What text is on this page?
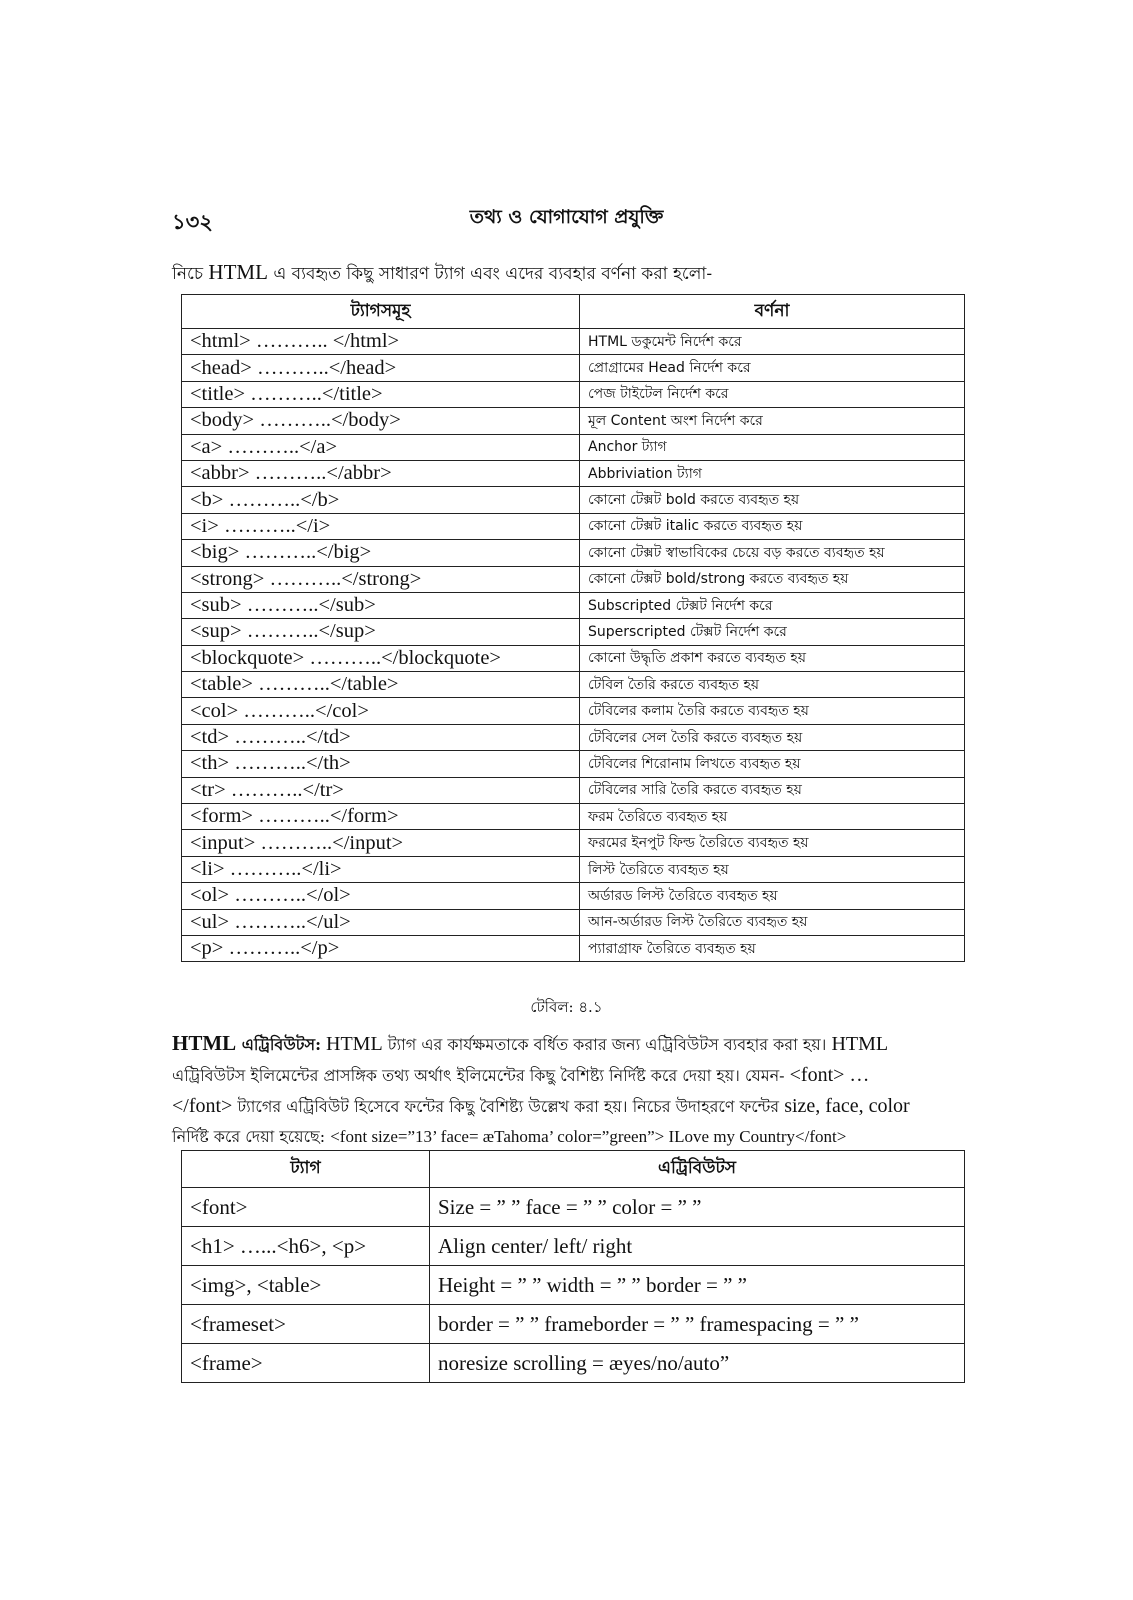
১৩২	তথ্য ও যোগাযোগ প্রযুক্তি
নিচে HTML এ ব্যবহৃত কিছু সাধারণ ট্যাগ এবং এদের ব্যবহার বর্ণনা করা হলো-
ট্যাগসমূহ	বর্ণনা
<html> ……….. </html>	HTML ডকুমেন্ট নির্দেশ করে
<head> ………..</head>	প্রোগ্রামের Head নির্দেশ করে
<title> ………..</title>	পেজ টাইটেল নির্দেশ করে
<body> ………..</body>	মূল Content অংশ নির্দেশ করে
<a> ………..</a>	Anchor ট্যাগ
<abbr> ………..</abbr>	Abbriviation ট্যাগ
<b> ………..</b>	কোনো টেক্সট bold করতে ব্যবহৃত হয়
<i> ………..</i>	কোনো টেক্সট italic করতে ব্যবহৃত হয়
<big> ………..</big>	কোনো টেক্সট স্বাভাবিকের চেয়ে বড় করতে ব্যবহৃত হয়
<strong> ………..</strong>	কোনো টেক্সট bold/strong করতে ব্যবহৃত হয়
<sub> ………..</sub>	Subscripted টেক্সট নির্দেশ করে
<sup> ………..</sup>	Superscripted টেক্সট নির্দেশ করে
<blockquote> ………..</blockquote>	কোনো উদ্ধৃতি প্রকাশ করতে ব্যবহৃত হয়
<table> ………..</table>	টেবিল তৈরি করতে ব্যবহৃত হয়
<col> ………..</col>	টেবিলের কলাম তৈরি করতে ব্যবহৃত হয়
<td> ………..</td>	টেবিলের সেল তৈরি করতে ব্যবহৃত হয়
<th> ………..</th>	টেবিলের শিরোনাম লিখতে ব্যবহৃত হয়
<tr> ………..</tr>	টেবিলের সারি তৈরি করতে ব্যবহৃত হয়
<form> ………..</form>	ফরম তৈরিতে ব্যবহৃত হয়
<input> ………..</input>	ফরমের ইনপুট ফিল্ড তৈরিতে ব্যবহৃত হয়
<li> ………..</li>	লিস্ট তৈরিতে ব্যবহৃত হয়
<ol> ………..</ol>	অর্ডারড লিস্ট তৈরিতে ব্যবহৃত হয়
<ul> ………..</ul>	আন-অর্ডারড লিস্ট তৈরিতে ব্যবহৃত হয়
<p> ………..</p>	প্যারাগ্রাফ তৈরিতে ব্যবহৃত হয়
টেবিল: ৪.১
HTML এট্রিবিউটস: HTML ট্যাগ এর কার্যক্ষমতাকে বর্ধিত করার জন্য এট্রিবিউটস ব্যবহার করা হয়। HTML
এট্রিবিউটস ইলিমেন্টের প্রাসঙ্গিক তথ্য অর্থাৎ ইলিমেন্টের কিছু বৈশিষ্ট্য নির্দিষ্ট করে দেয়া হয়। যেমন- <font> …
</font> ট্যাগের এট্রিবিউট হিসেবে ফন্টের কিছু বৈশিষ্ট্য উল্লেখ করা হয়। নিচের উদাহরণে ফন্টের size, face, color
নির্দিষ্ট করে দেয়া হয়েছে: <font size=”13’ face= æTahoma’ color=”green”> ILove my Country</font>
ট্যাগ	এট্রিবিউটস
<font>	Size = ” ” face = ” ” color = ” ”
<h1> …...<h6>, <p>	Align center/ left/ right
<img>, <table>	Height = ” ” width = ” ” border = ” ”
<frameset>	border = ” ” frameborder = ” ” framespacing = ” ”
<frame>	noresize scrolling = æyes/no/auto”
